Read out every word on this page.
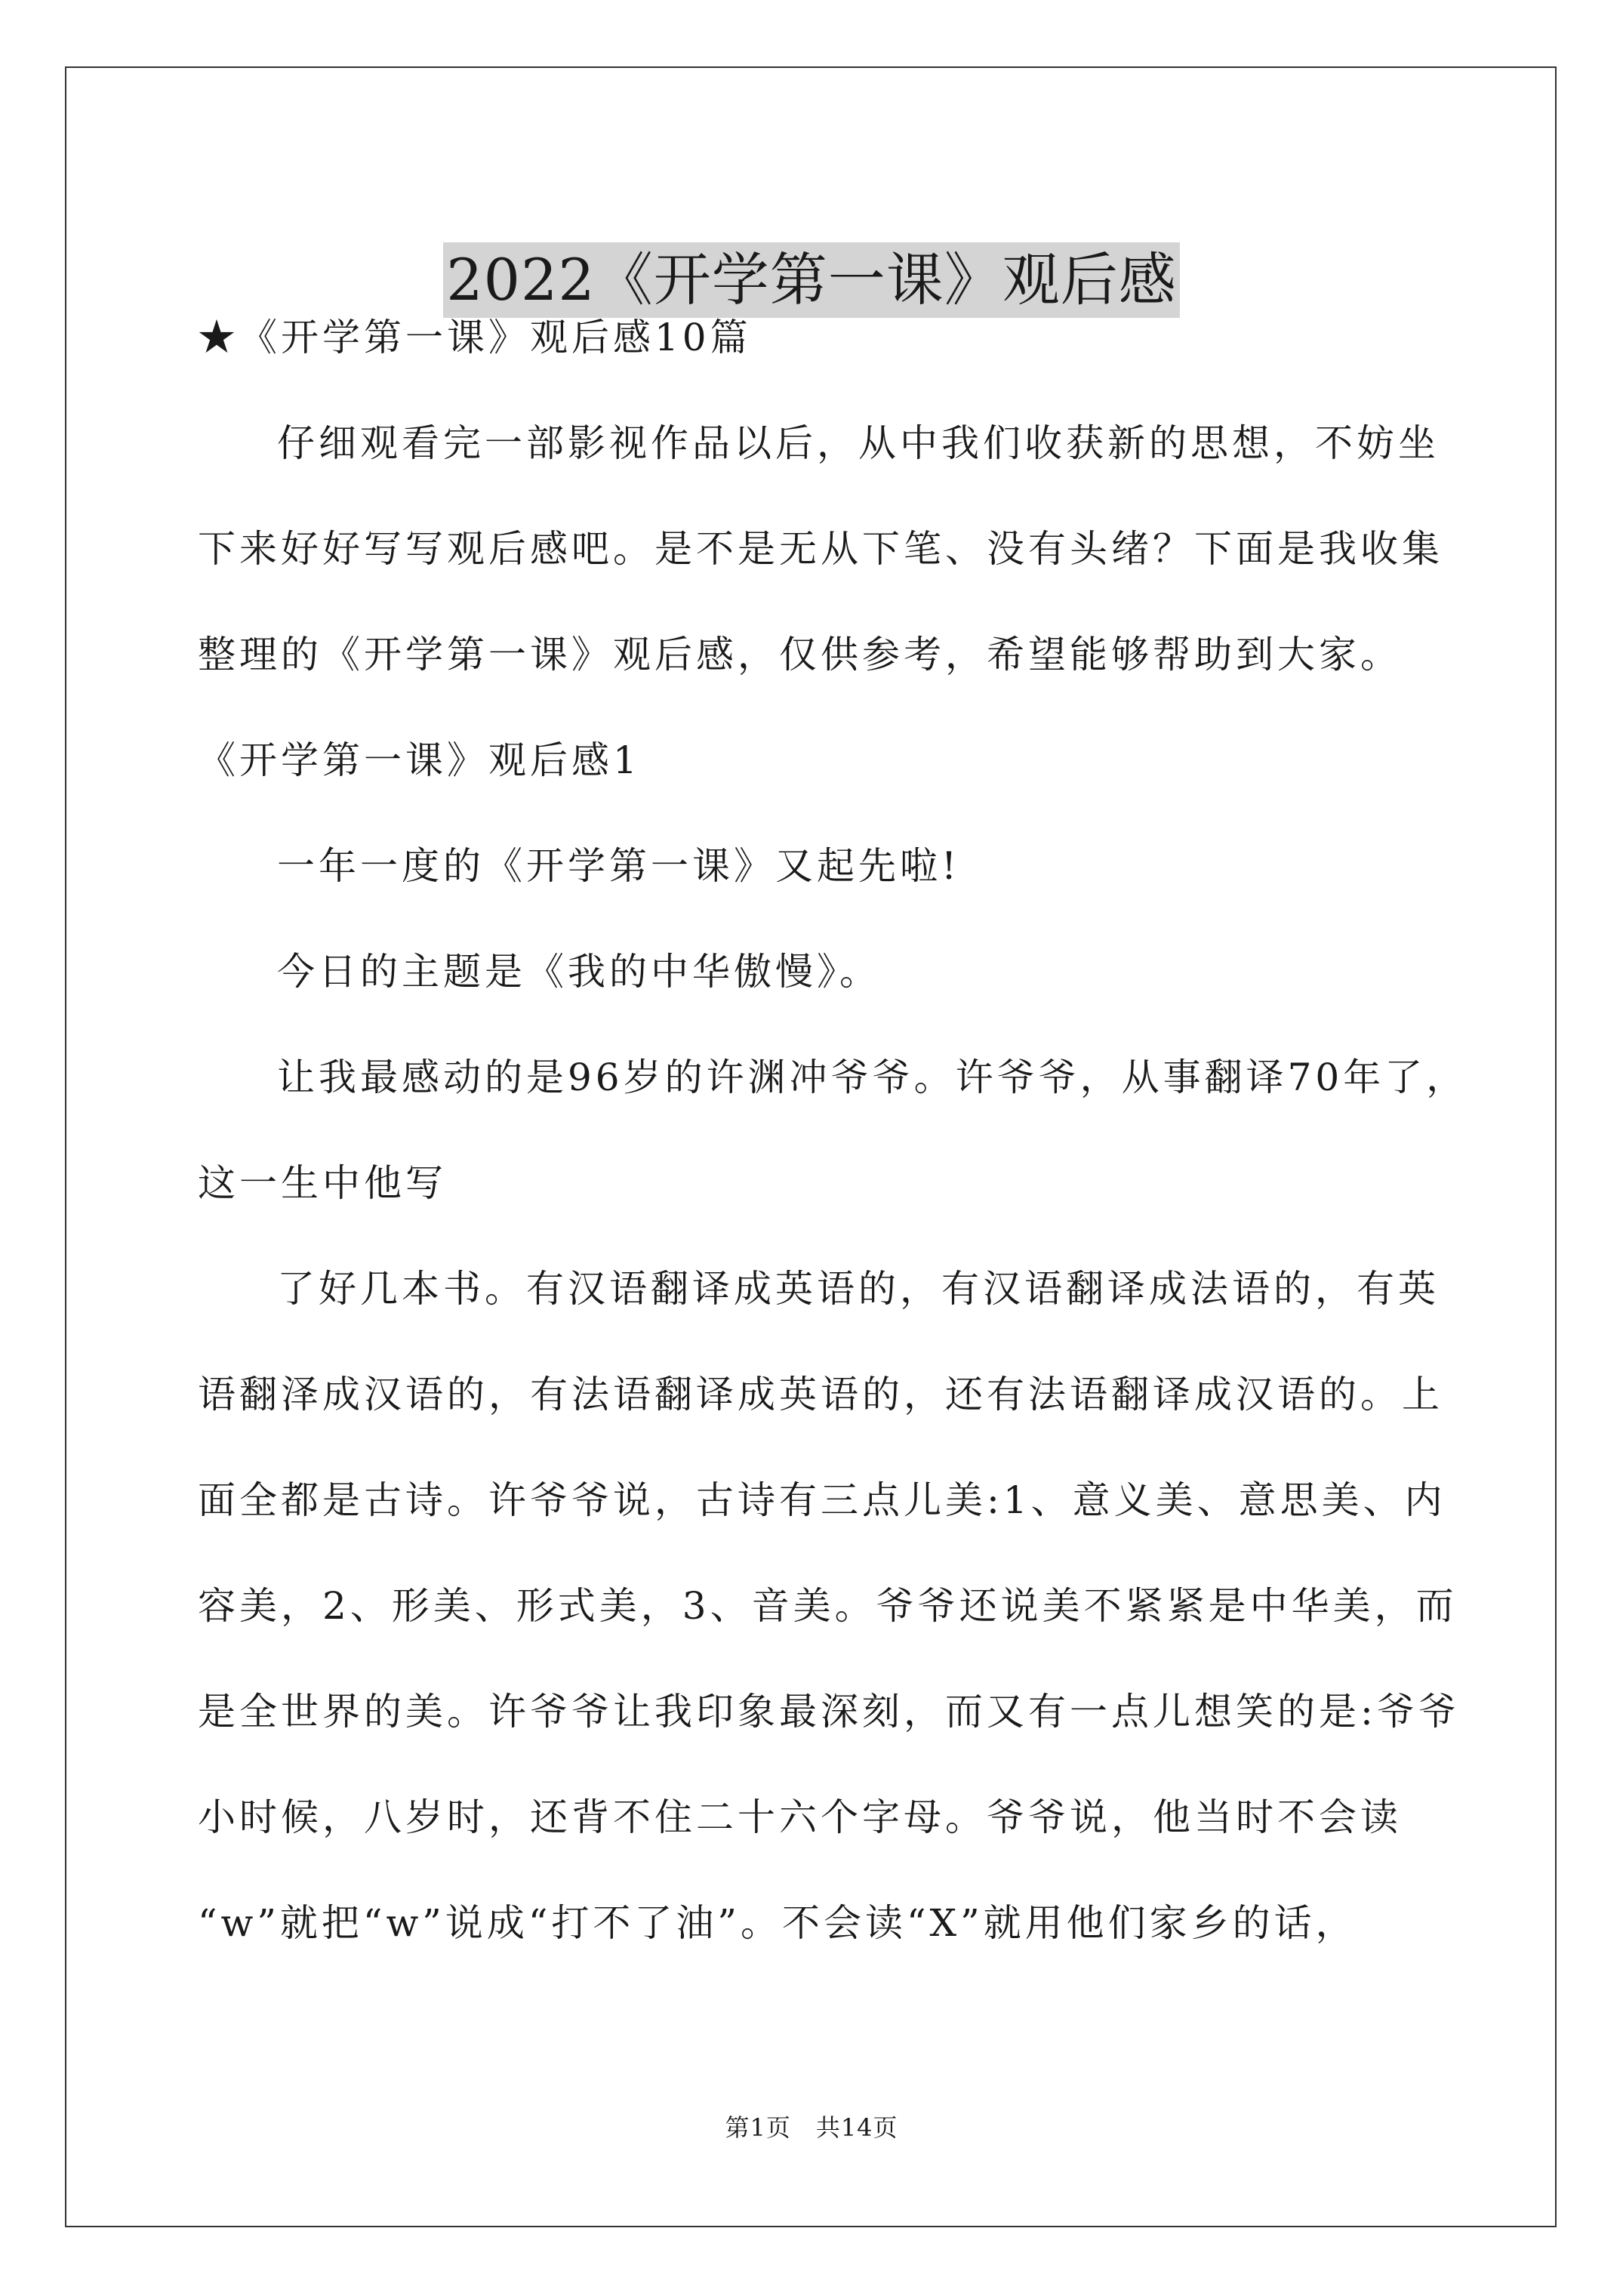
2022《开学第一课》观后感
★《开学第一课》观后感10篇
仔细观看完一部影视作品以后，从中我们收获新的思想，不妨坐
下来好好写写观后感吧。是不是无从下笔、没有头绪？下面是我收集
整理的《开学第一课》观后感，仅供参考，希望能够帮助到大家。
《开学第一课》观后感1
一年一度的《开学第一课》又起先啦!
今日的主题是《我的中华傲慢》。
让我最感动的是96岁的许渊冲爷爷。许爷爷，从事翻译70年了，
这一生中他写
了好几本书。有汉语翻译成英语的，有汉语翻译成法语的，有英
语翻泽成汉语的，有法语翻译成英语的，还有法语翻译成汉语的。上
面全都是古诗。许爷爷说，古诗有三点儿美:1、意义美、意思美、内
容美，2、形美、形式美，3、音美。爷爷还说美不紧紧是中华美，而
是全世界的美。许爷爷让我印象最深刻，而又有一点儿想笑的是:爷爷
小时候，八岁时，还背不住二十六个字母。爷爷说，他当时不会读
“w”就把“w”说成“打不了油”。不会读“X”就用他们家乡的话，
第1页　共14页
